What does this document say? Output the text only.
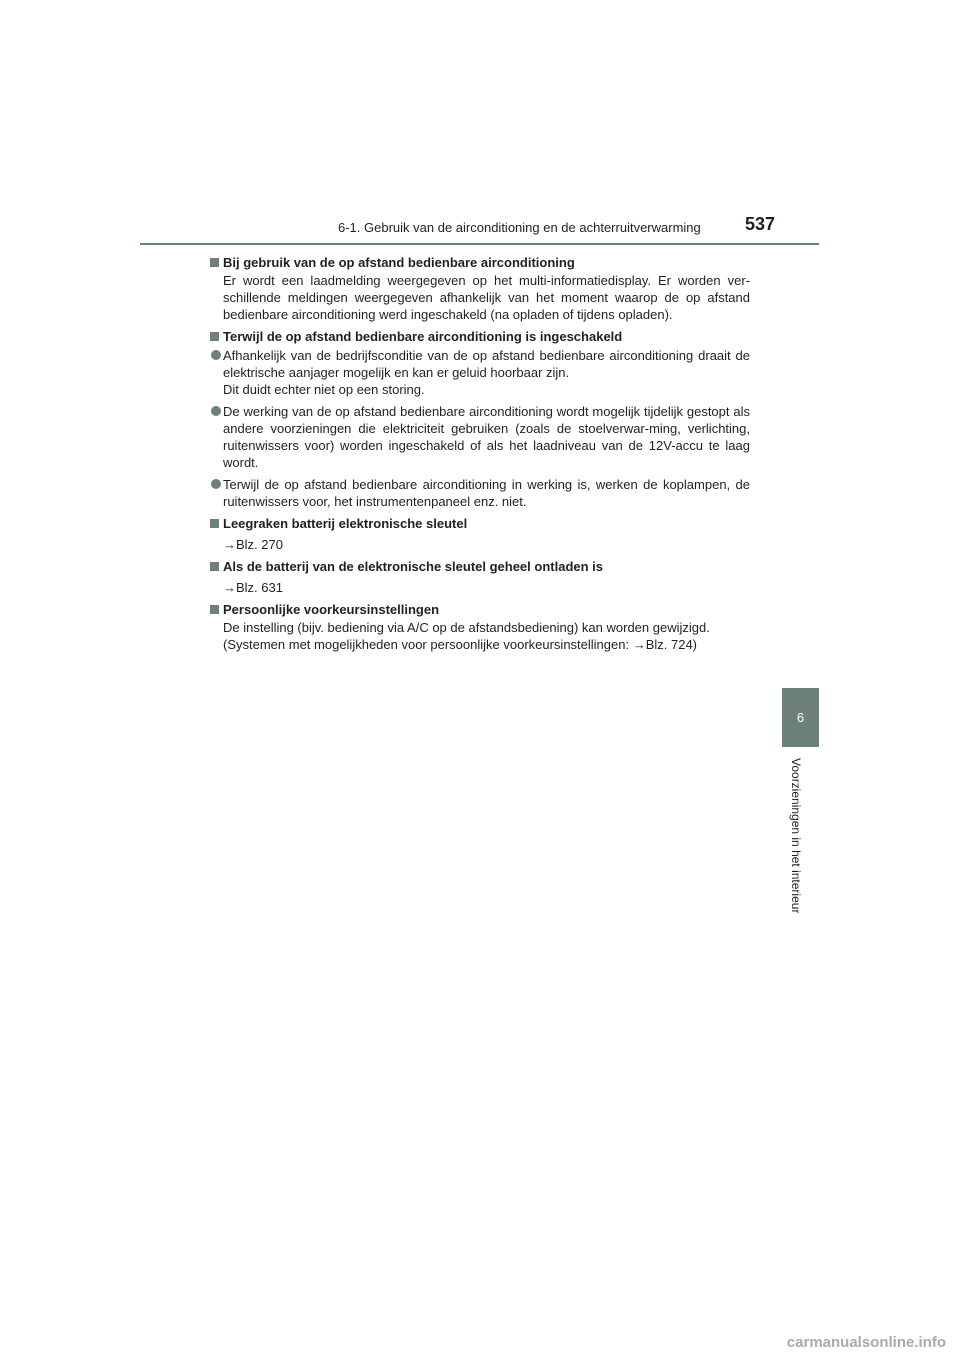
6-1. Gebruik van de airconditioning en de achterruitverwarming 537
6
Voorzieningen in het interieur
Bij gebruik van de op afstand bedienbare airconditioning

Er wordt een laadmelding weergegeven op het multi-informatiedisplay. Er worden ver-schillende meldingen weergegeven afhankelijk van het moment waarop de op afstand bedienbare airconditioning werd ingeschakeld (na opladen of tijdens opladen).

Terwijl de op afstand bedienbare airconditioning is ingeschakeld
Afhankelijk van de bedrijfsconditie van de op afstand bedienbare airconditioning draait de elektrische aanjager mogelijk en kan er geluid hoorbaar zijn.
Dit duidt echter niet op een storing.
De werking van de op afstand bedienbare airconditioning wordt mogelijk tijdelijk gestopt als andere voorzieningen die elektriciteit gebruiken (zoals de stoelverwar-ming, verlichting, ruitenwissers voor) worden ingeschakeld of als het laadniveau van de 12V-accu te laag wordt.
Terwijl de op afstand bedienbare airconditioning in werking is, werken de koplampen, de ruitenwissers voor, het instrumentenpaneel enz. niet.
Leegraken batterij elektronische sleutel
→Blz. 270
Als de batterij van de elektronische sleutel geheel ontladen is
→Blz. 631
Persoonlijke voorkeursinstellingen

De instelling (bijv. bediening via A/C op de afstandsbediening) kan worden gewijzigd.
(Systemen met mogelijkheden voor persoonlijke voorkeursinstellingen: →Blz. 724)

carmanualsonline.info
